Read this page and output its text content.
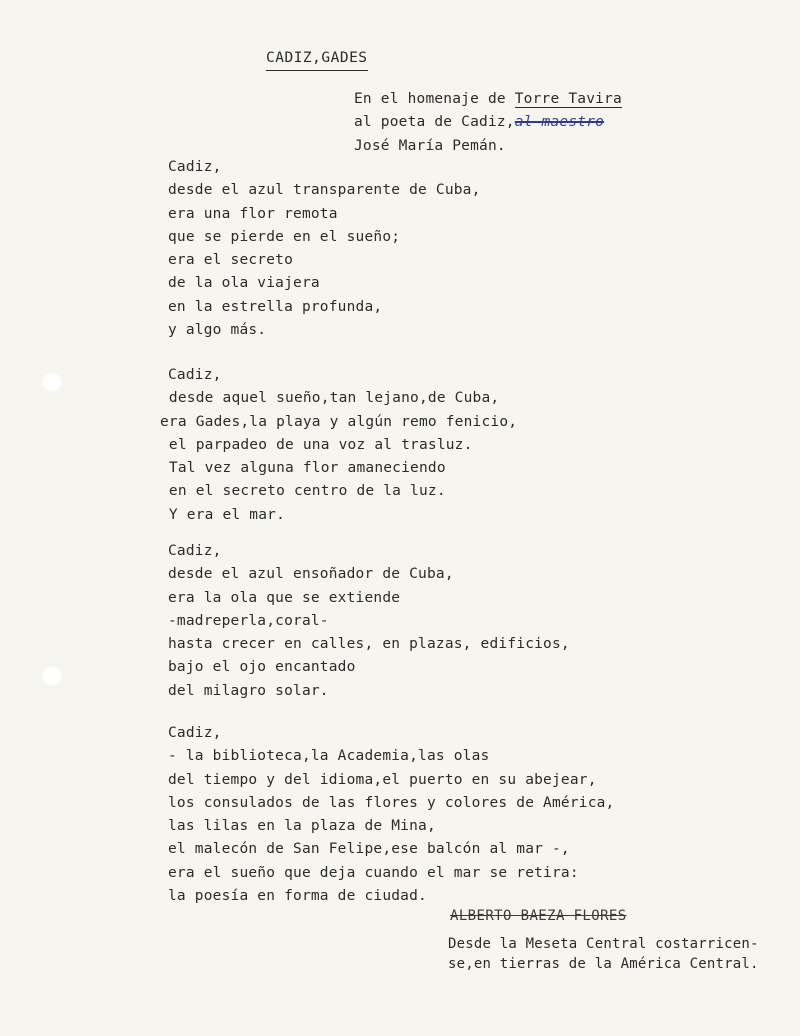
CADIZ,GADES
En el homenaje de Torre Tavira
al poeta de Cadiz,al maestro
José María Pemán.
Cadiz,
desde el azul transparente de Cuba,
era una flor remota
que se pierde en el sueño;
era el secreto
de la ola viajera
en la estrella profunda,
y algo más.
Cadiz,
desde aquel sueño,tan lejano,de Cuba,
era Gades,la playa y algún remo fenicio,
el parpadeo de una voz al trasluz.
Tal vez alguna flor amaneciendo
en el secreto centro de la luz.
Y era el mar.
Cadiz,
desde el azul ensoñador de Cuba,
era la ola que se extiende
-madreperla,coral-
hasta crecer en calles, en plazas, edificios,
bajo el ojo encantado
del milagro solar.
Cadiz,
- la biblioteca,la Academia,las olas
del tiempo y del idioma,el puerto en su abejear,
los consulados de las flores y colores de América,
las lilas en la plaza de Mina,
el malecón de San Felipe,ese balcón al mar -,
era el sueño que deja cuando el mar se retira:
la poesía en forma de ciudad.
ALBERTO BAEZA FLORES
Desde la Meseta Central costarricen-
se,en tierras de la América Central.
